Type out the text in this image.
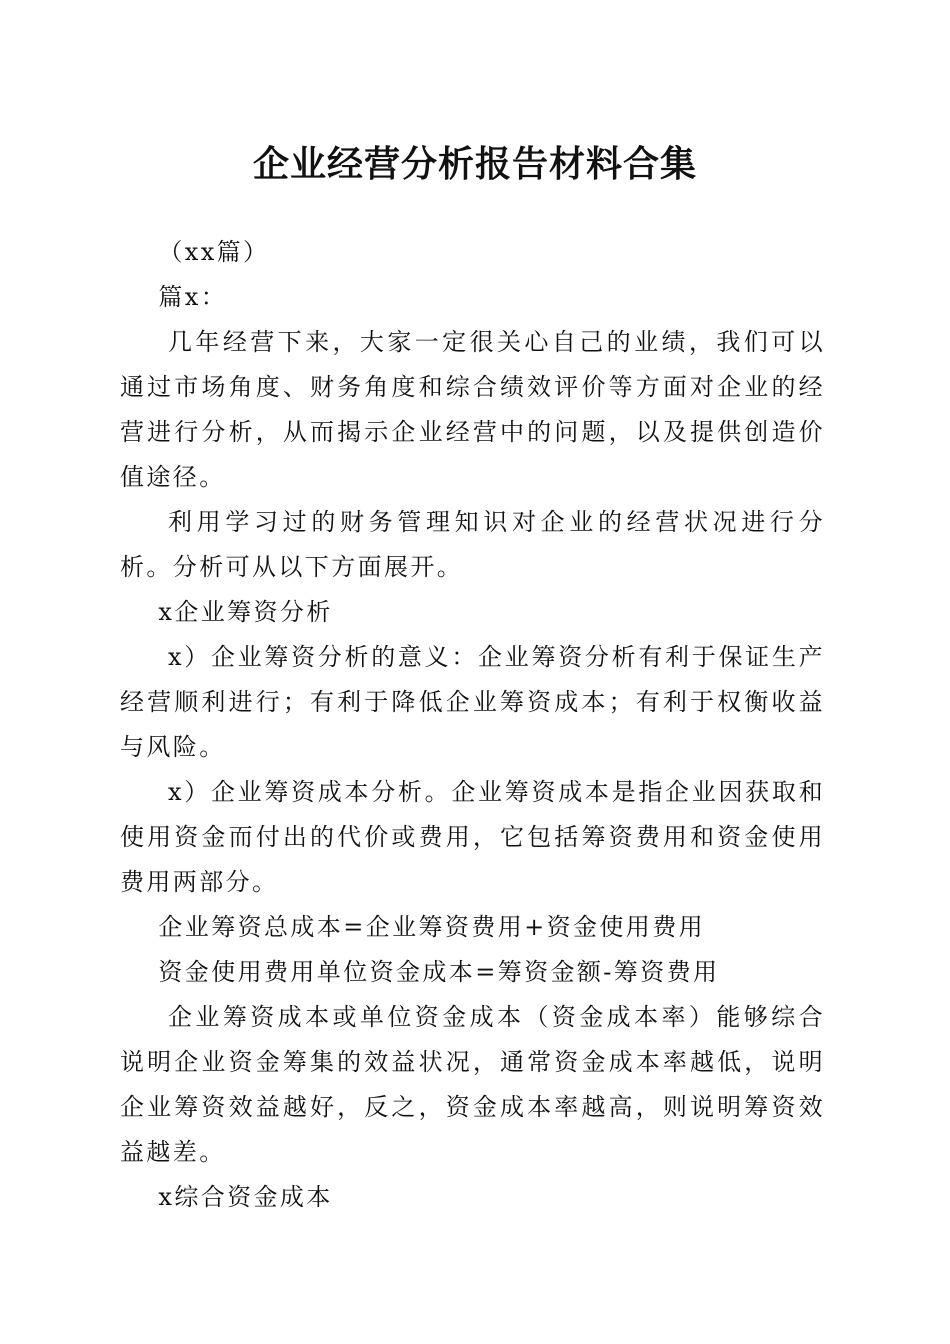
企业经营分析报告材料合集

（xx篇）

篇x：

几年经营下来，大家一定很关心自己的业绩，我们可以通过市场角度、财务角度和综合绩效评价等方面对企业的经营进行分析，从而揭示企业经营中的问题，以及提供创造价值途径。

利用学习过的财务管理知识对企业的经营状况进行分析。分析可从以下方面展开。

x企业筹资分析

x）企业筹资分析的意义：企业筹资分析有利于保证生产经营顺利进行；有利于降低企业筹资成本；有利于权衡收益与风险。

x）企业筹资成本分析。企业筹资成本是指企业因获取和使用资金而付出的代价或费用，它包括筹资费用和资金使用费用两部分。

企业筹资总成本=企业筹资费用+资金使用费用

资金使用费用单位资金成本=筹资金额-筹资费用

企业筹资成本或单位资金成本（资金成本率）能够综合说明企业资金筹集的效益状况，通常资金成本率越低，说明企业筹资效益越好，反之，资金成本率越高，则说明筹资效益越差。

x综合资金成本
